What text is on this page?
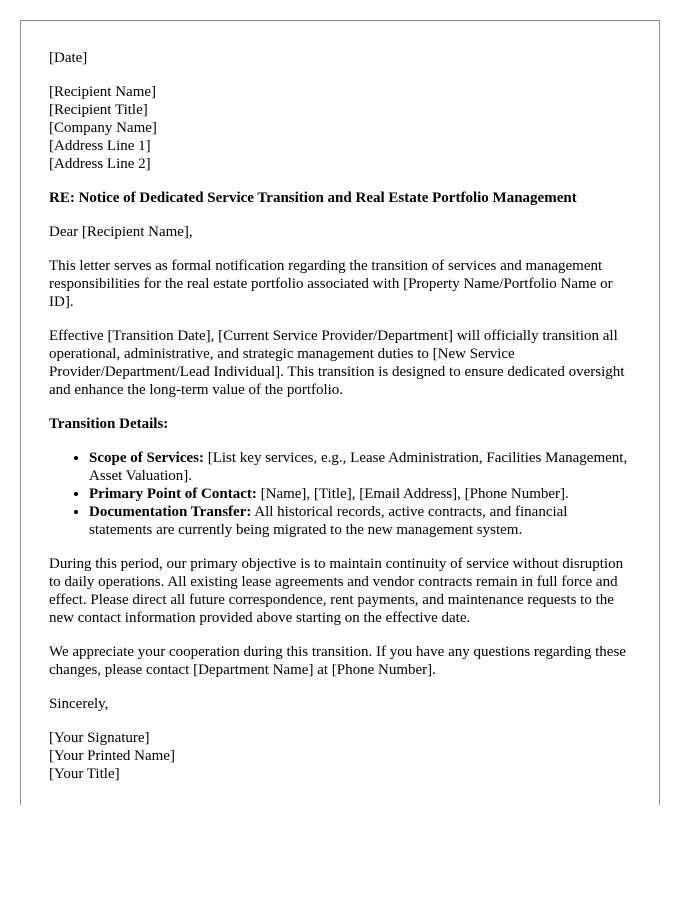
[Date]
[Recipient Name]
[Recipient Title]
[Company Name]
[Address Line 1]
[Address Line 2]
RE: Notice of Dedicated Service Transition and Real Estate Portfolio Management

Dear [Recipient Name],

This letter serves as formal notification regarding the transition of services and management responsibilities for the real estate portfolio associated with [Property Name/Portfolio Name or ID].

Effective [Transition Date], [Current Service Provider/Department] will officially transition all operational, administrative, and strategic management duties to [New Service Provider/Department/Lead Individual]. This transition is designed to ensure dedicated oversight and enhance the long-term value of the portfolio.

Transition Details:
• Scope of Services: [List key services, e.g., Lease Administration, Facilities Management, Asset Valuation].
• Primary Point of Contact: [Name], [Title], [Email Address], [Phone Number].
• Documentation Transfer: All historical records, active contracts, and financial statements are currently being migrated to the new management system.

During this period, our primary objective is to maintain continuity of service without disruption to daily operations. All existing lease agreements and vendor contracts remain in full force and effect. Please direct all future correspondence, rent payments, and maintenance requests to the new contact information provided above starting on the effective date.

We appreciate your cooperation during this transition. If you have any questions regarding these changes, please contact [Department Name] at [Phone Number].

Sincerely,

[Your Signature]
[Your Printed Name]
[Your Title]
